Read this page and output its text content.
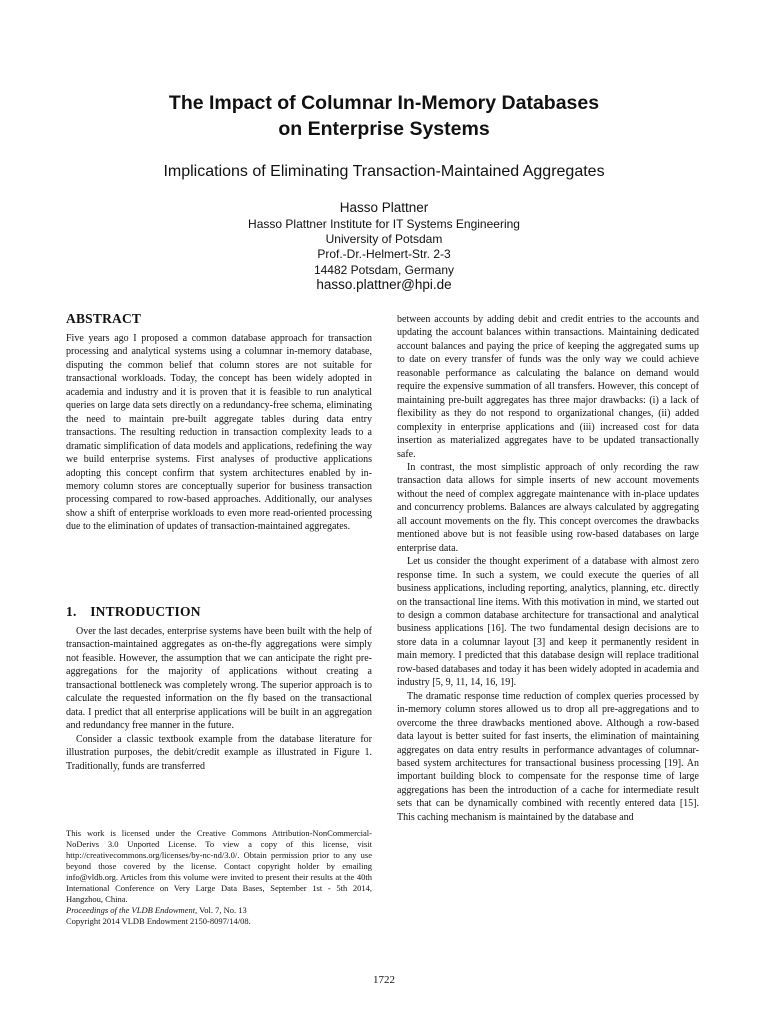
The Impact of Columnar In-Memory Databases
on Enterprise Systems
Implications of Eliminating Transaction-Maintained Aggregates
Hasso Plattner
Hasso Plattner Institute for IT Systems Engineering
University of Potsdam
Prof.-Dr.-Helmert-Str. 2-3
14482 Potsdam, Germany
hasso.plattner@hpi.de
ABSTRACT

Five years ago I proposed a common database approach for transaction processing and analytical systems using a columnar in-memory database, disputing the common belief that column stores are not suitable for transactional workloads. Today, the concept has been widely adopted in academia and industry and it is proven that it is feasible to run analytical queries on large data sets directly on a redundancy-free schema, eliminating the need to maintain pre-built aggregate tables during data entry transactions. The resulting reduction in transaction complexity leads to a dramatic simplification of data models and applications, redefining the way we build enterprise systems. First analyses of productive applications adopting this concept confirm that system architectures enabled by in-memory column stores are conceptually superior for business transaction processing compared to row-based approaches. Additionally, our analyses show a shift of enterprise workloads to even more read-oriented processing due to the elimination of updates of transaction-maintained aggregates.

1. INTRODUCTION

Over the last decades, enterprise systems have been built with the help of transaction-maintained aggregates as on-the-fly aggregations were simply not feasible. However, the assumption that we can anticipate the right pre-aggregations for the majority of applications without creating a transactional bottleneck was completely wrong. The superior approach is to calculate the requested information on the fly based on the transactional data. I predict that all enterprise applications will be built in an aggregation and redundancy free manner in the future.

Consider a classic textbook example from the database literature for illustration purposes, the debit/credit example as illustrated in Figure 1. Traditionally, funds are transferred

This work is licensed under the Creative Commons Attribution-NonCommercial-NoDerivs 3.0 Unported License. To view a copy of this license, visit http://creativecommons.org/licenses/by-nc-nd/3.0/. Obtain permission prior to any use beyond those covered by the license. Contact copyright holder by emailing info@vldb.org. Articles from this volume were invited to present their results at the 40th International Conference on Very Large Data Bases, September 1st - 5th 2014, Hangzhou, China.
Proceedings of the VLDB Endowment, Vol. 7, No. 13
Copyright 2014 VLDB Endowment 2150-8097/14/08.

between accounts by adding debit and credit entries to the accounts and updating the account balances within transactions. Maintaining dedicated account balances and paying the price of keeping the aggregated sums up to date on every transfer of funds was the only way we could achieve reasonable performance as calculating the balance on demand would require the expensive summation of all transfers. However, this concept of maintaining pre-built aggregates has three major drawbacks: (i) a lack of flexibility as they do not respond to organizational changes, (ii) added complexity in enterprise applications and (iii) increased cost for data insertion as materialized aggregates have to be updated transactionally safe.

In contrast, the most simplistic approach of only recording the raw transaction data allows for simple inserts of new account movements without the need of complex aggregate maintenance with in-place updates and concurrency problems. Balances are always calculated by aggregating all account movements on the fly. This concept overcomes the drawbacks mentioned above but is not feasible using row-based databases on large enterprise data.

Let us consider the thought experiment of a database with almost zero response time. In such a system, we could execute the queries of all business applications, including reporting, analytics, planning, etc. directly on the transactional line items. With this motivation in mind, we started out to design a common database architecture for transactional and analytical business applications [16]. The two fundamental design decisions are to store data in a columnar layout [3] and keep it permanently resident in main memory. I predicted that this database design will replace traditional row-based databases and today it has been widely adopted in academia and industry [5, 9, 11, 14, 16, 19].

The dramatic response time reduction of complex queries processed by in-memory column stores allowed us to drop all pre-aggregations and to overcome the three drawbacks mentioned above. Although a row-based data layout is better suited for fast inserts, the elimination of maintaining aggregates on data entry results in performance advantages of columnar-based system architectures for transactional business processing [19]. An important building block to compensate for the response time of large aggregations has been the introduction of a cache for intermediate result sets that can be dynamically combined with recently entered data [15]. This caching mechanism is maintained by the database and

1722
